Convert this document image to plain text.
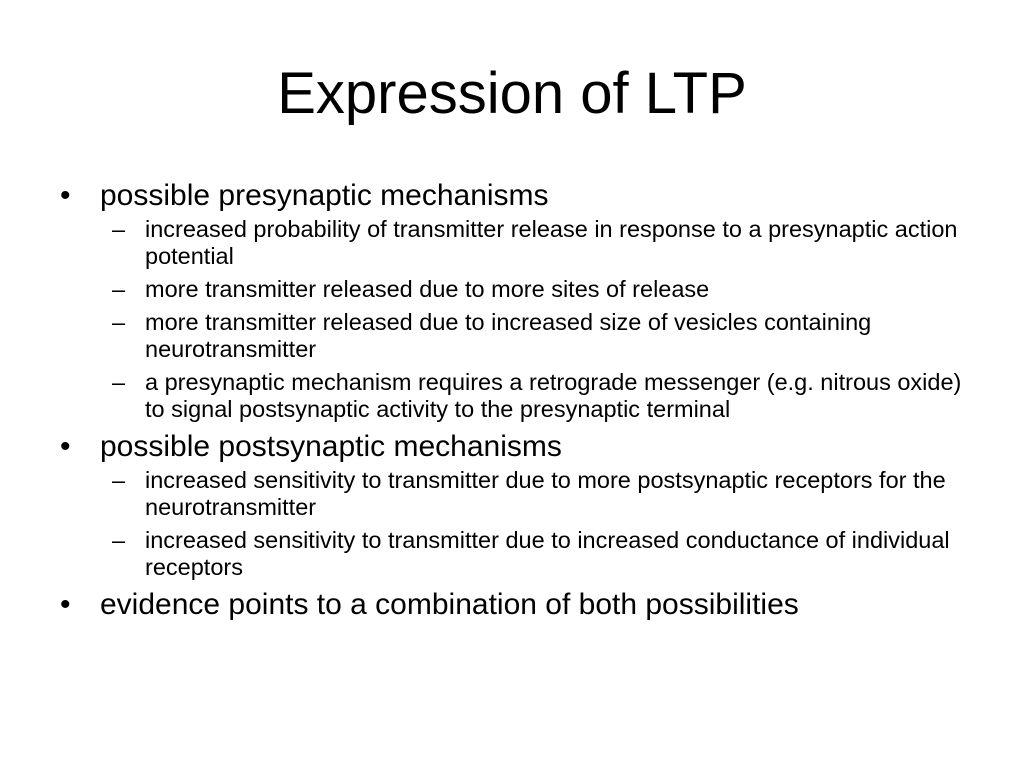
Expression of LTP
• possible presynaptic mechanisms
– increased probability of transmitter release in response to a presynaptic action potential
– more transmitter released due to more sites of release
– more transmitter released due to increased size of vesicles containing neurotransmitter
– a presynaptic mechanism requires a retrograde messenger (e.g. nitrous oxide) to signal postsynaptic activity to the presynaptic terminal
• possible postsynaptic mechanisms
– increased sensitivity to transmitter due to more postsynaptic receptors for the neurotransmitter
– increased sensitivity to transmitter due to increased conductance of individual receptors
• evidence points to a combination of both possibilities
